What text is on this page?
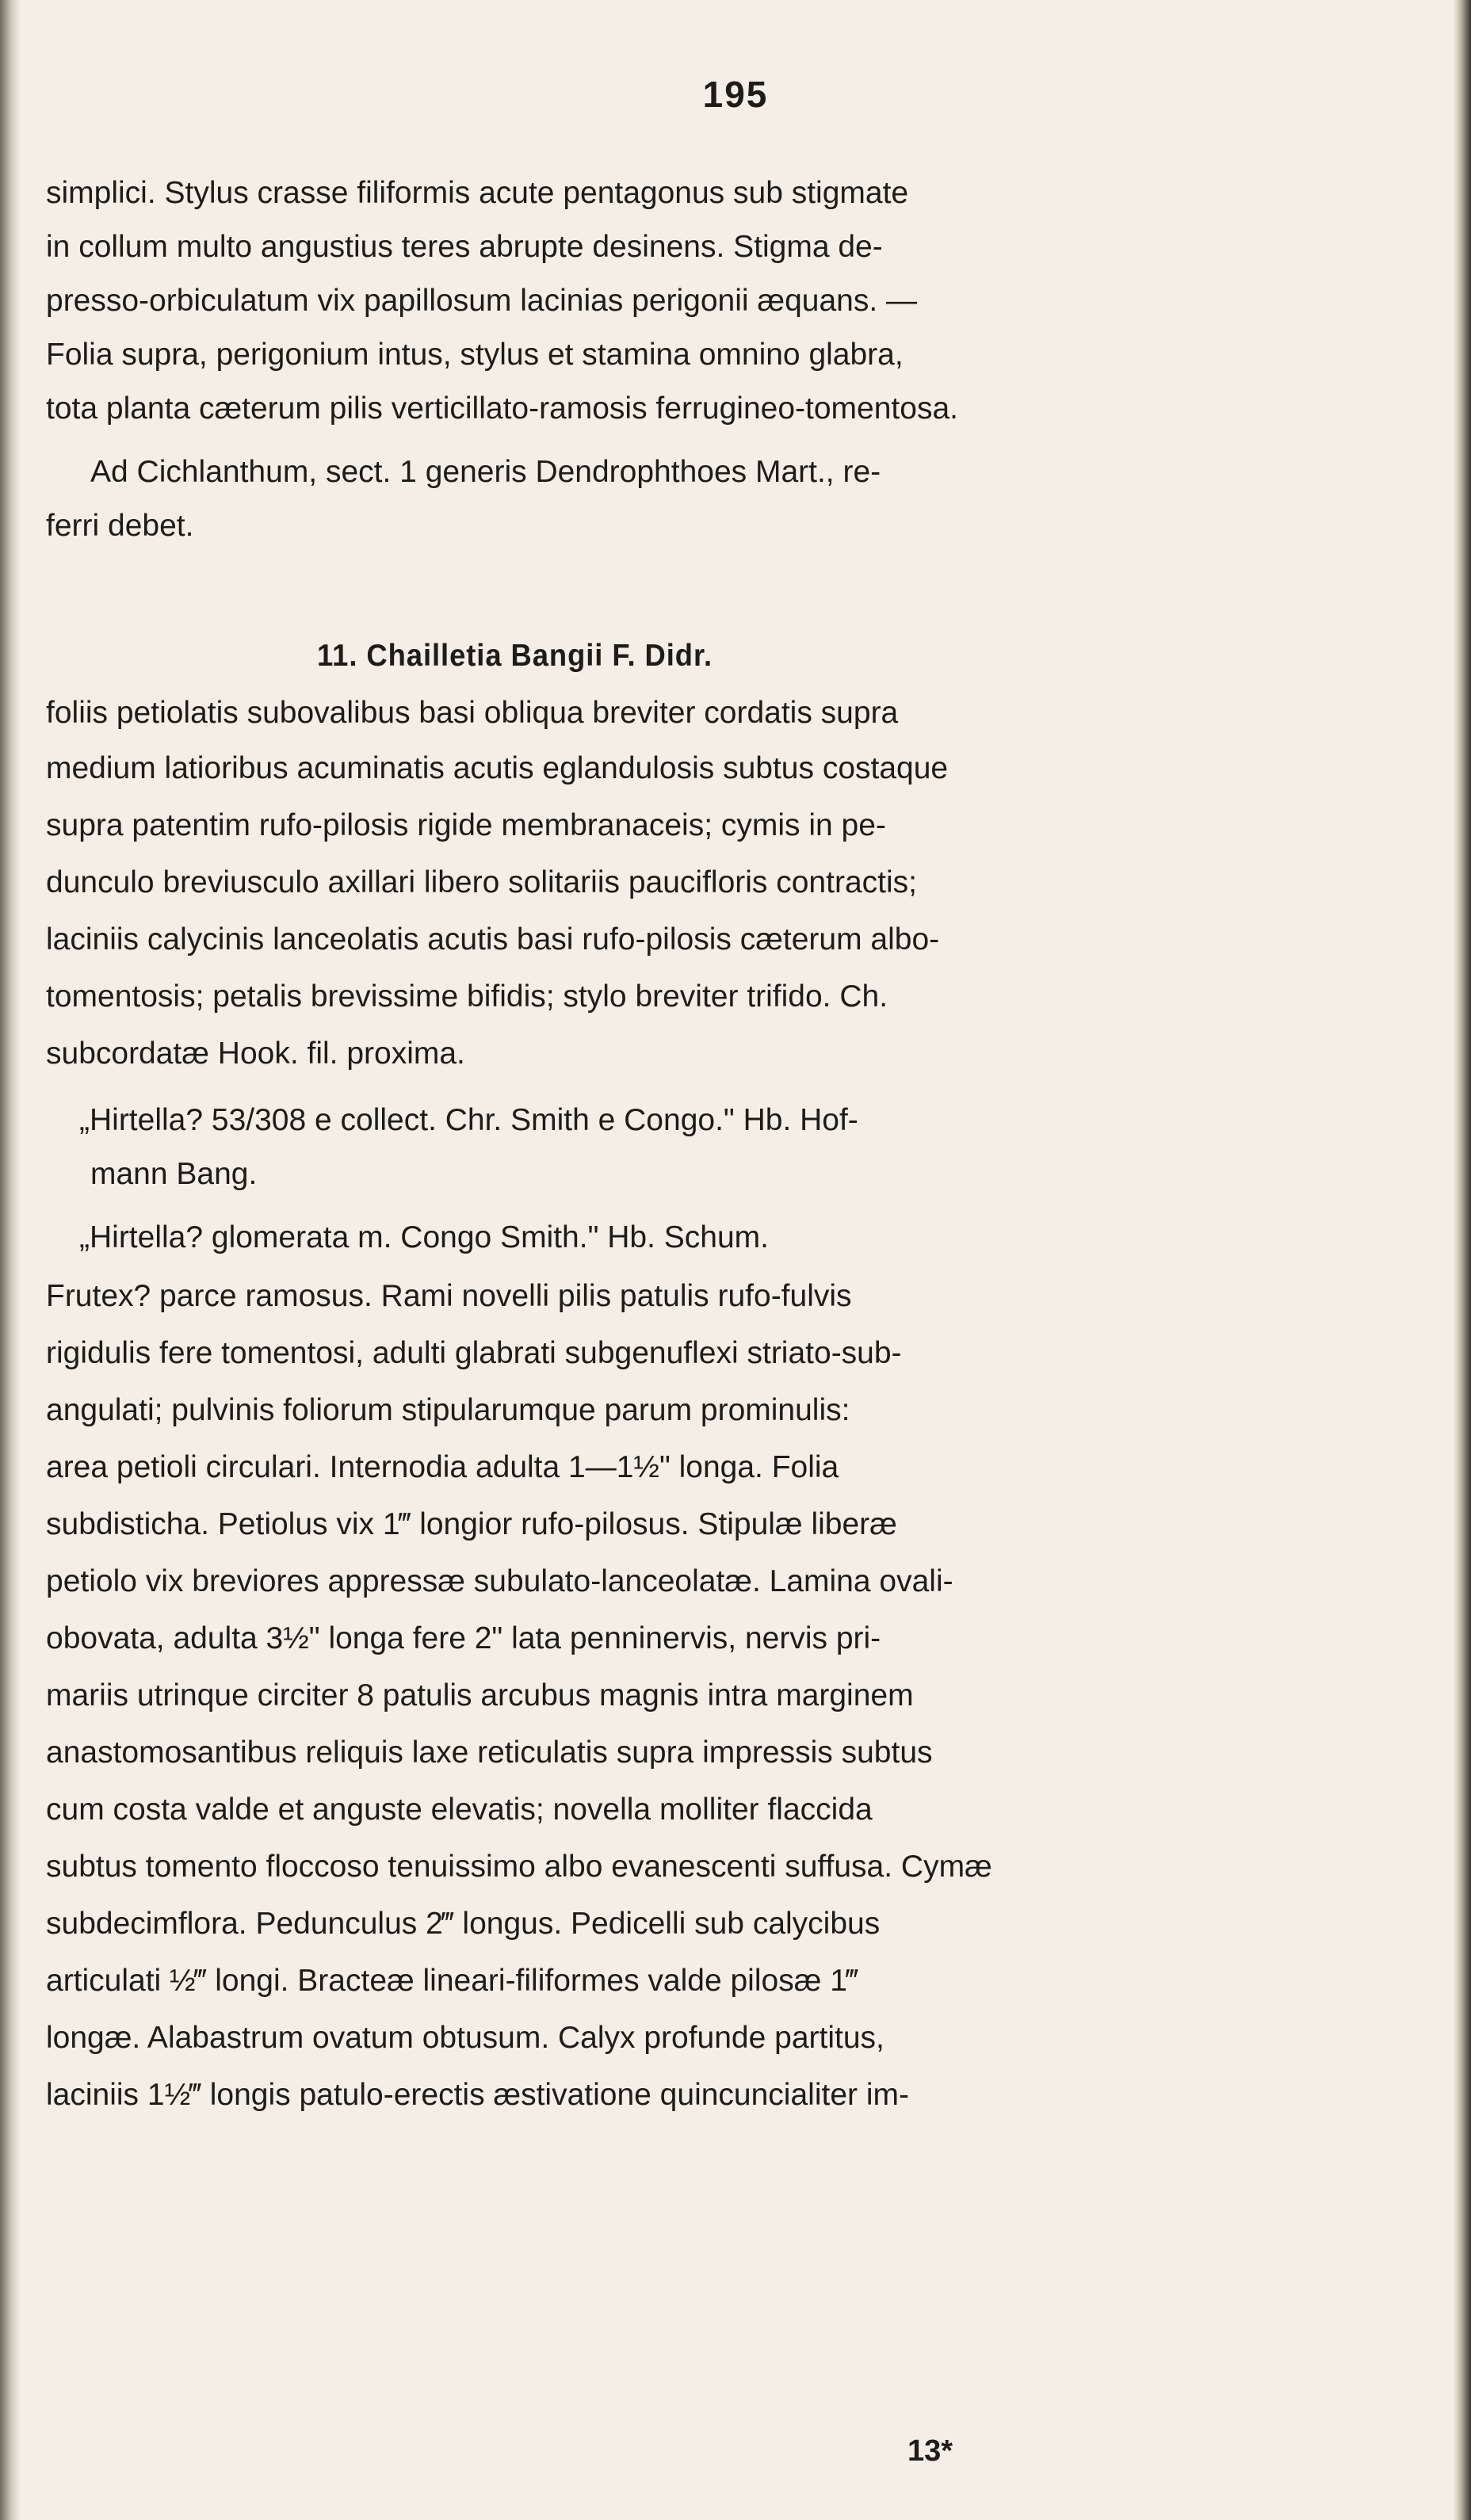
195
simplici. Stylus crasse filiformis acute pentagonus sub stigmate
in collum multo angustius teres abrupte desinens. Stigma de-
presso-orbiculatum vix papillosum lacinias perigonii æquans. —
Folia supra, perigonium intus, stylus et stamina omnino glabra,
tota planta cæterum pilis verticillato-ramosis ferrugineo-tomentosa.
Ad Cichlanthum, sect. 1 generis Dendrophthoes Mart., re-
ferri debet.
11. Chailletia Bangii F. Didr.
foliis petiolatis subovalibus basi obliqua breviter cordatis supra
medium latioribus acuminatis acutis eglandulosis subtus costaque
supra patentim rufo-pilosis rigide membranaceis; cymis in pe-
dunculo breviusculo axillari libero solitariis paucifloris contractis;
laciniis calycinis lanceolatis acutis basi rufo-pilosis cæterum albo-
tomentosis; petalis brevissime bifidis; stylo breviter trifido. Ch.
subcordatæ Hook. fil. proxima.
„Hirtella? 53/308 e collect. Chr. Smith e Congo." Hb. Hof-
mann Bang.
„Hirtella? glomerata m. Congo Smith." Hb. Schum.
Frutex? parce ramosus. Rami novelli pilis patulis rufo-fulvis
rigidulis fere tomentosi, adulti glabrati subgenuflexi striato-sub-
angulati; pulvinis foliorum stipularumque parum prominulis:
area petioli circulari. Internodia adulta 1—1½" longa. Folia
subdisticha. Petiolus vix 1‴ longior rufo-pilosus. Stipulæ liberæ
petiolo vix breviores appressæ subulato-lanceolatæ. Lamina ovali-
obovata, adulta 3½" longa fere 2" lata penninervis, nervis pri-
mariis utrinque circiter 8 patulis arcubus magnis intra marginem
anastomosantibus reliquis laxe reticulatis supra impressis subtus
cum costa valde et anguste elevatis; novella molliter flaccida
subtus tomento floccoso tenuissimo albo evanescenti suffusa. Cymæ
subdecimflora. Pedunculus 2‴ longus. Pedicelli sub calycibus
articulati ½‴ longi. Bracteæ lineari-filiformes valde pilosæ 1‴
longæ. Alabastrum ovatum obtusum. Calyx profunde partitus,
laciniis 1½‴ longis patulo-erectis æstivatione quincuncialiter im-
13*
